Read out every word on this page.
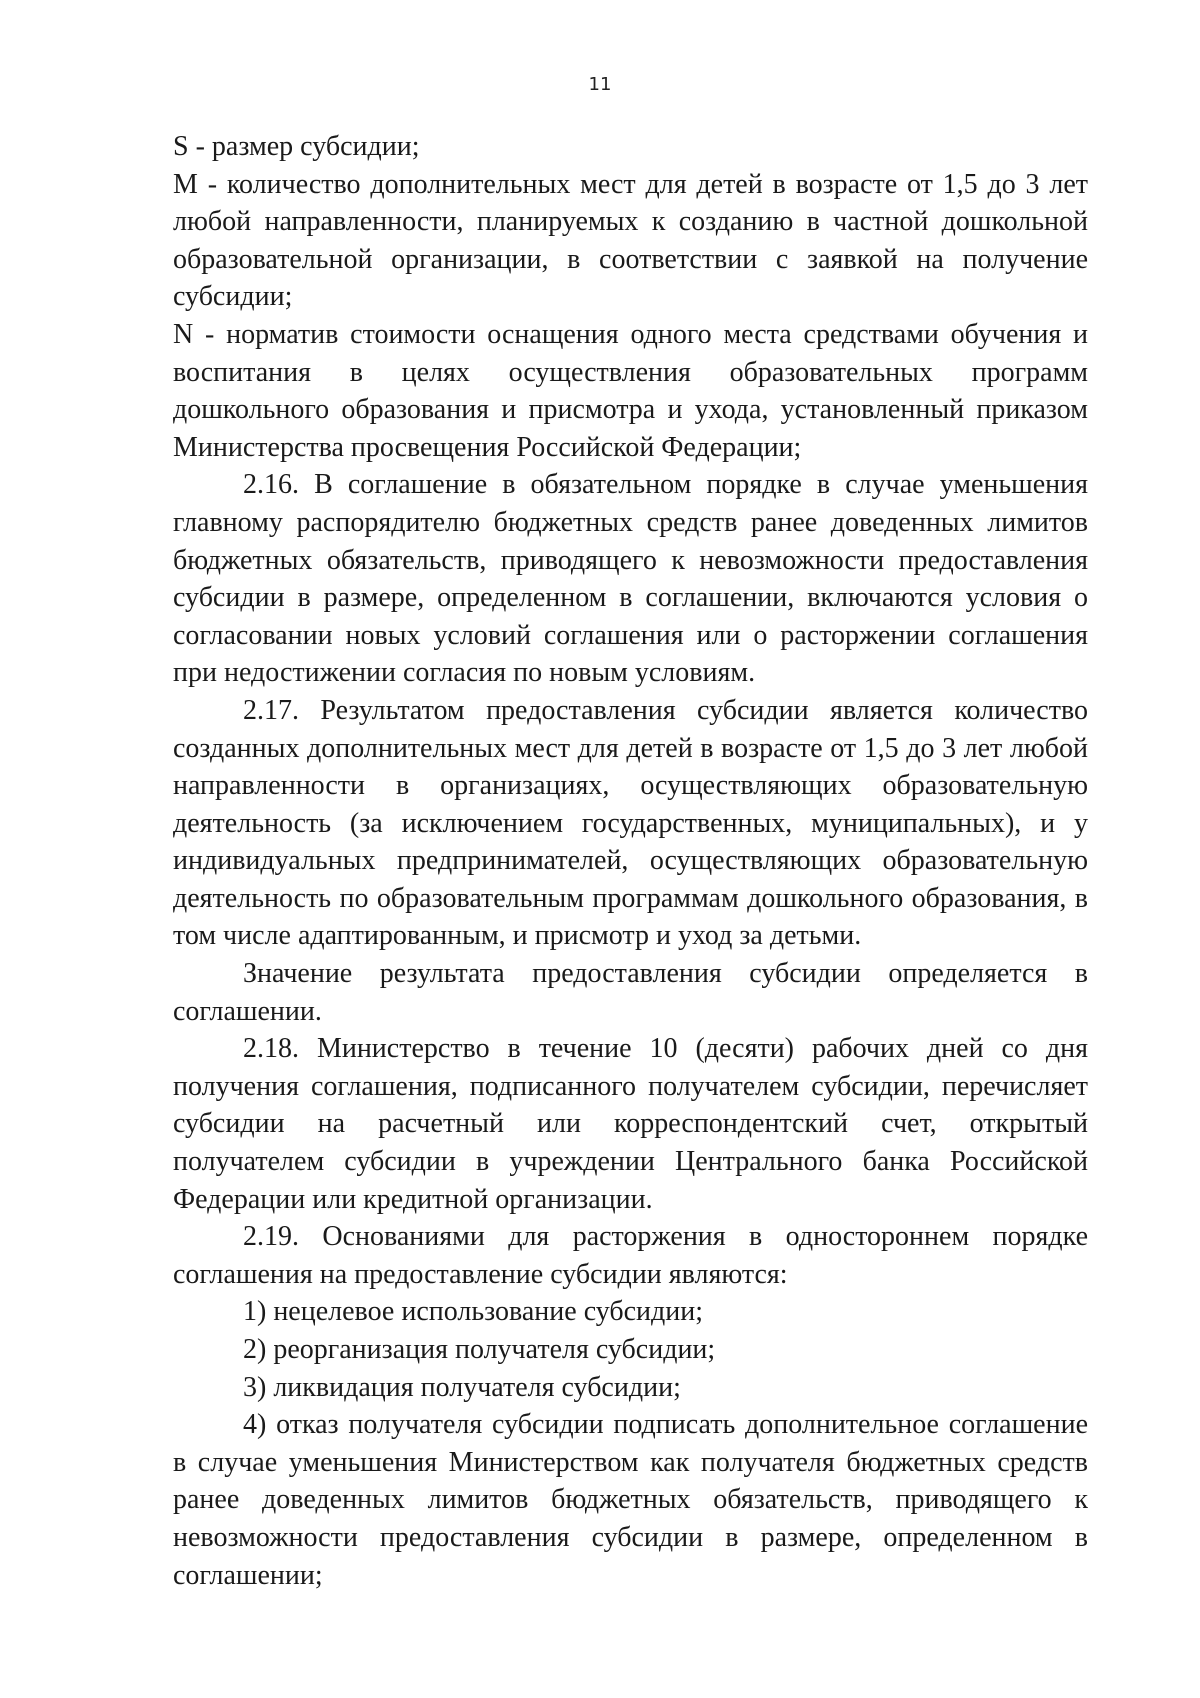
11

S - размер субсидии;

М - количество дополнительных мест для детей в возрасте от 1,5 до 3 лет любой направленности, планируемых к созданию в частной дошкольной образовательной организации, в соответствии с заявкой на получение субсидии;

N - норматив стоимости оснащения одного места средствами обучения и воспитания в целях осуществления образовательных программ дошкольного образования и присмотра и ухода, установленный приказом Министерства просвещения Российской Федерации;

2.16. В соглашение в обязательном порядке в случае уменьшения главному распорядителю бюджетных средств ранее доведенных лимитов бюджетных обязательств, приводящего к невозможности предоставления субсидии в размере, определенном в соглашении, включаются условия о согласовании новых условий соглашения или о расторжении соглашения при недостижении согласия по новым условиям.

2.17. Результатом предоставления субсидии является количество созданных дополнительных мест для детей в возрасте от 1,5 до 3 лет любой направленности в организациях, осуществляющих образовательную деятельность (за исключением государственных, муниципальных), и у индивидуальных предпринимателей, осуществляющих образовательную деятельность по образовательным программам дошкольного образования, в том числе адаптированным, и присмотр и уход за детьми.

Значение результата предоставления субсидии определяется в соглашении.

2.18. Министерство в течение 10 (десяти) рабочих дней со дня получения соглашения, подписанного получателем субсидии, перечисляет субсидии на расчетный или корреспондентский счет, открытый получателем субсидии в учреждении Центрального банка Российской Федерации или кредитной организации.

2.19. Основаниями для расторжения в одностороннем порядке соглашения на предоставление субсидии являются:

1) нецелевое использование субсидии;

2) реорганизация получателя субсидии;

3) ликвидация получателя субсидии;

4) отказ получателя субсидии подписать дополнительное соглашение в случае уменьшения Министерством как получателя бюджетных средств ранее доведенных лимитов бюджетных обязательств, приводящего к невозможности предоставления субсидии в размере, определенном в соглашении;
